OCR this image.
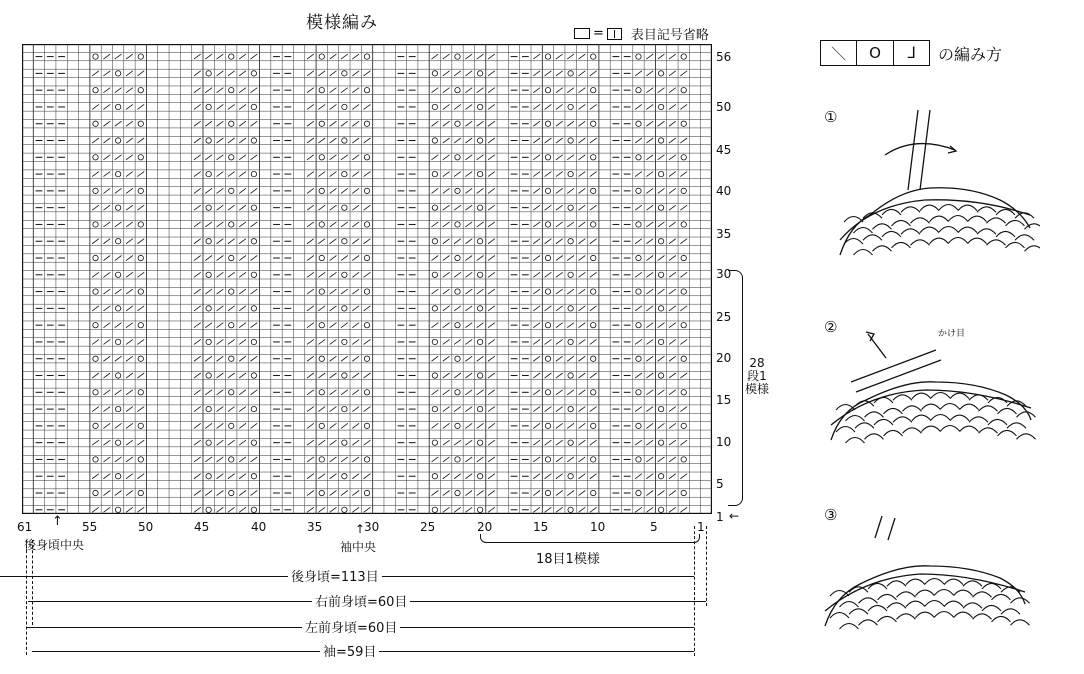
模様編み
= 表目記号省略
56
50
45
40
35
30
25
20
15
10
5
1
28段1模様
←
61	55	50	45	40	35	30	25	20	15	10	5	1
↑
後身頃中央
↑
袖中央
18目1模様
後身頃=113目
右前身頃=60目
左前身頃=60目
袖=59目
＼	O	ᒧ	の編み方
①
②
③
かけ目
